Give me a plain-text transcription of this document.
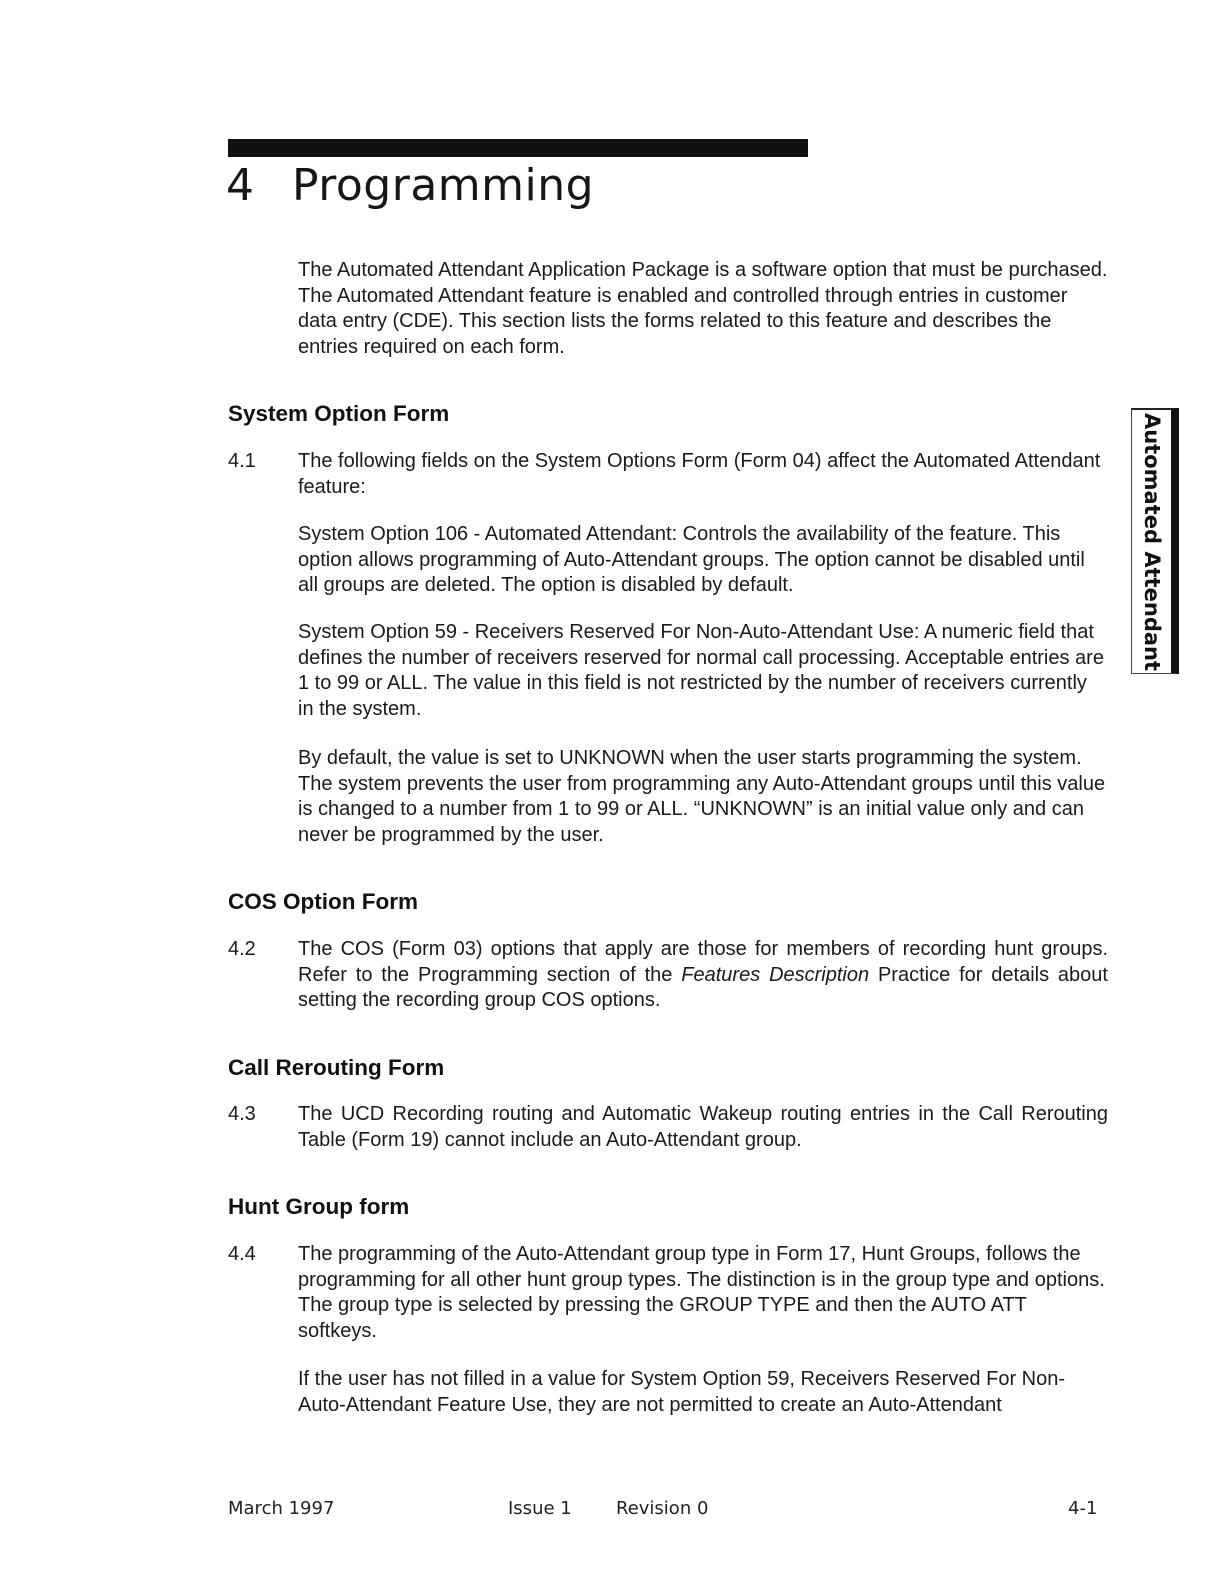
4 Programming

The Automated Attendant Application Package is a software option that must be purchased. The Automated Attendant feature is enabled and controlled through entries in customer data entry (CDE). This section lists the forms related to this feature and describes the entries required on each form.

Automated Attendant
System Option Form

4.1 The following fields on the System Options Form (Form 04) affect the Automated Attendant feature:

System Option 106 - Automated Attendant: Controls the availability of the feature. This option allows programming of Auto-Attendant groups. The option cannot be disabled until all groups are deleted. The option is disabled by default.

System Option 59 - Receivers Reserved For Non-Auto-Attendant Use: A numeric field that defines the number of receivers reserved for normal call processing. Acceptable entries are 1 to 99 or ALL. The value in this field is not restricted by the number of receivers currently in the system.

By default, the value is set to UNKNOWN when the user starts programming the system. The system prevents the user from programming any Auto-Attendant groups until this value is changed to a number from 1 to 99 or ALL. “UNKNOWN” is an initial value only and can never be programmed by the user.

COS Option Form

4.2 The COS (Form 03) options that apply are those for members of recording hunt groups. Refer to the Programming section of the Features Description Practice for details about setting the recording group COS options.

Call Rerouting Form

4.3 The UCD Recording routing and Automatic Wakeup routing entries in the Call Rerouting Table (Form 19) cannot include an Auto-Attendant group.

Hunt Group form

4.4 The programming of the Auto-Attendant group type in Form 17, Hunt Groups, follows the programming for all other hunt group types. The distinction is in the group type and options. The group type is selected by pressing the GROUP TYPE and then the AUTO ATT softkeys.

If the user has not filled in a value for System Option 59, Receivers Reserved For Non-Auto-Attendant Feature Use, they are not permitted to create an Auto-Attendant

March 1997	Issue 1 Revision 0	4-1
